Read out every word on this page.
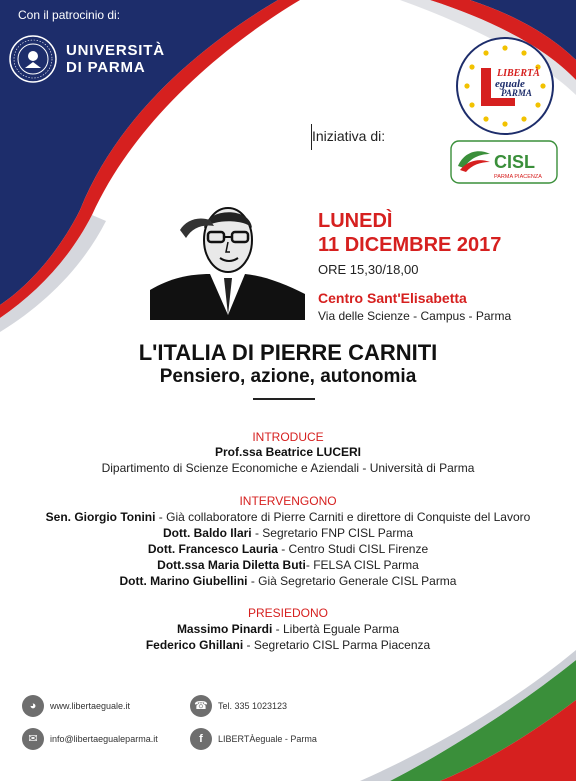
Con il patrocinio di:
UNIVERSITÀ
DI PARMA	LIBERTÀ
eguale
PARMA
Iniziativa di:
CISL
PARMA PIACENZA
LUNEDÌ
11 DICEMBRE 2017
ORE 15,30/18,00
Centro Sant'Elisabetta
Via delle Scienze - Campus - Parma
L'ITALIA DI PIERRE CARNITI
Pensiero, azione, autonomia
INTRODUCE
Prof.ssa Beatrice LUCERI
Dipartimento di Scienze Economiche e Aziendali - Università di Parma
INTERVENGONO
Sen. Giorgio Tonini - Già collaboratore di Pierre Carniti e direttore di Conquiste del Lavoro
Dott. Baldo Ilari - Segretario FNP CISL Parma
Dott. Francesco Lauria - Centro Studi CISL Firenze
Dott.ssa Maria Diletta Buti- FELSA CISL Parma
Dott. Marino Giubellini - Già Segretario Generale CISL Parma
PRESIEDONO
Massimo Pinardi - Libertà Eguale Parma
Federico Ghillani - Segretario CISL Parma Piacenza
◕	www.libertaeguale.it	☎	Tel. 335 1023123
✉	info@libertaegualeparma.it	f	LIBERTÀeguale - Parma
